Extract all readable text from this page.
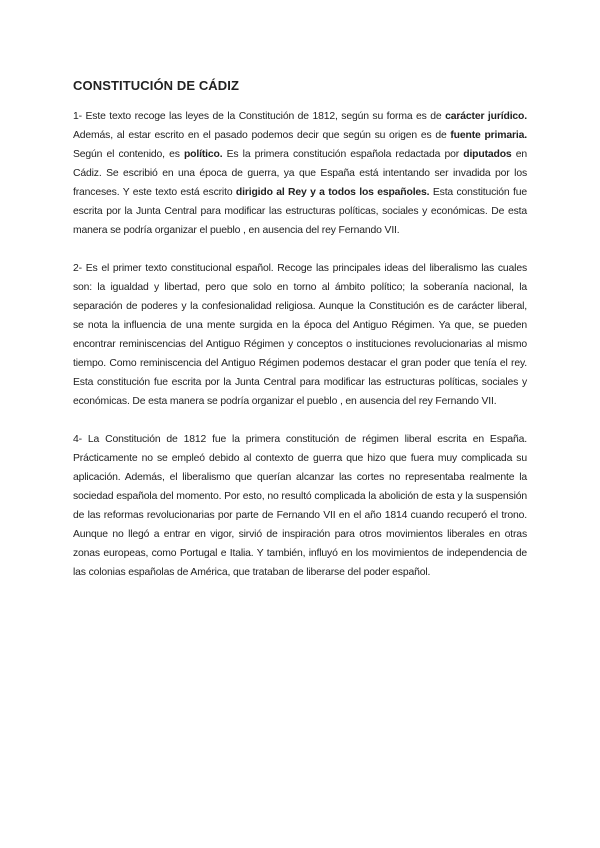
CONSTITUCIÓN DE CÁDIZ

1- Este texto recoge las leyes de la Constitución de 1812, según su forma es de carácter jurídico. Además, al estar escrito en el pasado podemos decir que según su origen es de fuente primaria. Según el contenido, es político. Es la primera constitución española redactada por diputados en Cádiz. Se escribió en una época de guerra, ya que España está intentando ser invadida por los franceses. Y este texto está escrito dirigido al Rey y a todos los españoles. Esta constitución fue escrita por la Junta Central para modificar las estructuras políticas, sociales y económicas. De esta manera se podría organizar el pueblo , en ausencia del rey Fernando VII.

2- Es el primer texto constitucional español. Recoge las principales ideas del liberalismo las cuales son: la igualdad y libertad, pero que solo en torno al ámbito político; la soberanía nacional, la separación de poderes y la confesionalidad religiosa. Aunque la Constitución es de carácter liberal, se nota la influencia de una mente surgida en la época del Antiguo Régimen. Ya que, se pueden encontrar reminiscencias del Antiguo Régimen y conceptos o instituciones revolucionarias al mismo tiempo. Como reminiscencia del Antiguo Régimen podemos destacar el gran poder que tenía el rey. Esta constitución fue escrita por la Junta Central para modificar las estructuras políticas, sociales y económicas. De esta manera se podría organizar el pueblo , en ausencia del rey Fernando VII.

4- La Constitución de 1812 fue la primera constitución de régimen liberal escrita en España. Prácticamente no se empleó debido al contexto de guerra que hizo que fuera muy complicada su aplicación. Además, el liberalismo que querían alcanzar las cortes no representaba realmente la sociedad española del momento. Por esto, no resultó complicada la abolición de esta y la suspensión de las reformas revolucionarias por parte de Fernando VII en el año 1814 cuando recuperó el trono. Aunque no llegó a entrar en vigor, sirvió de inspiración para otros movimientos liberales en otras zonas europeas, como Portugal e Italia. Y también, influyó en los movimientos de independencia de las colonias españolas de América, que trataban de liberarse del poder español.
